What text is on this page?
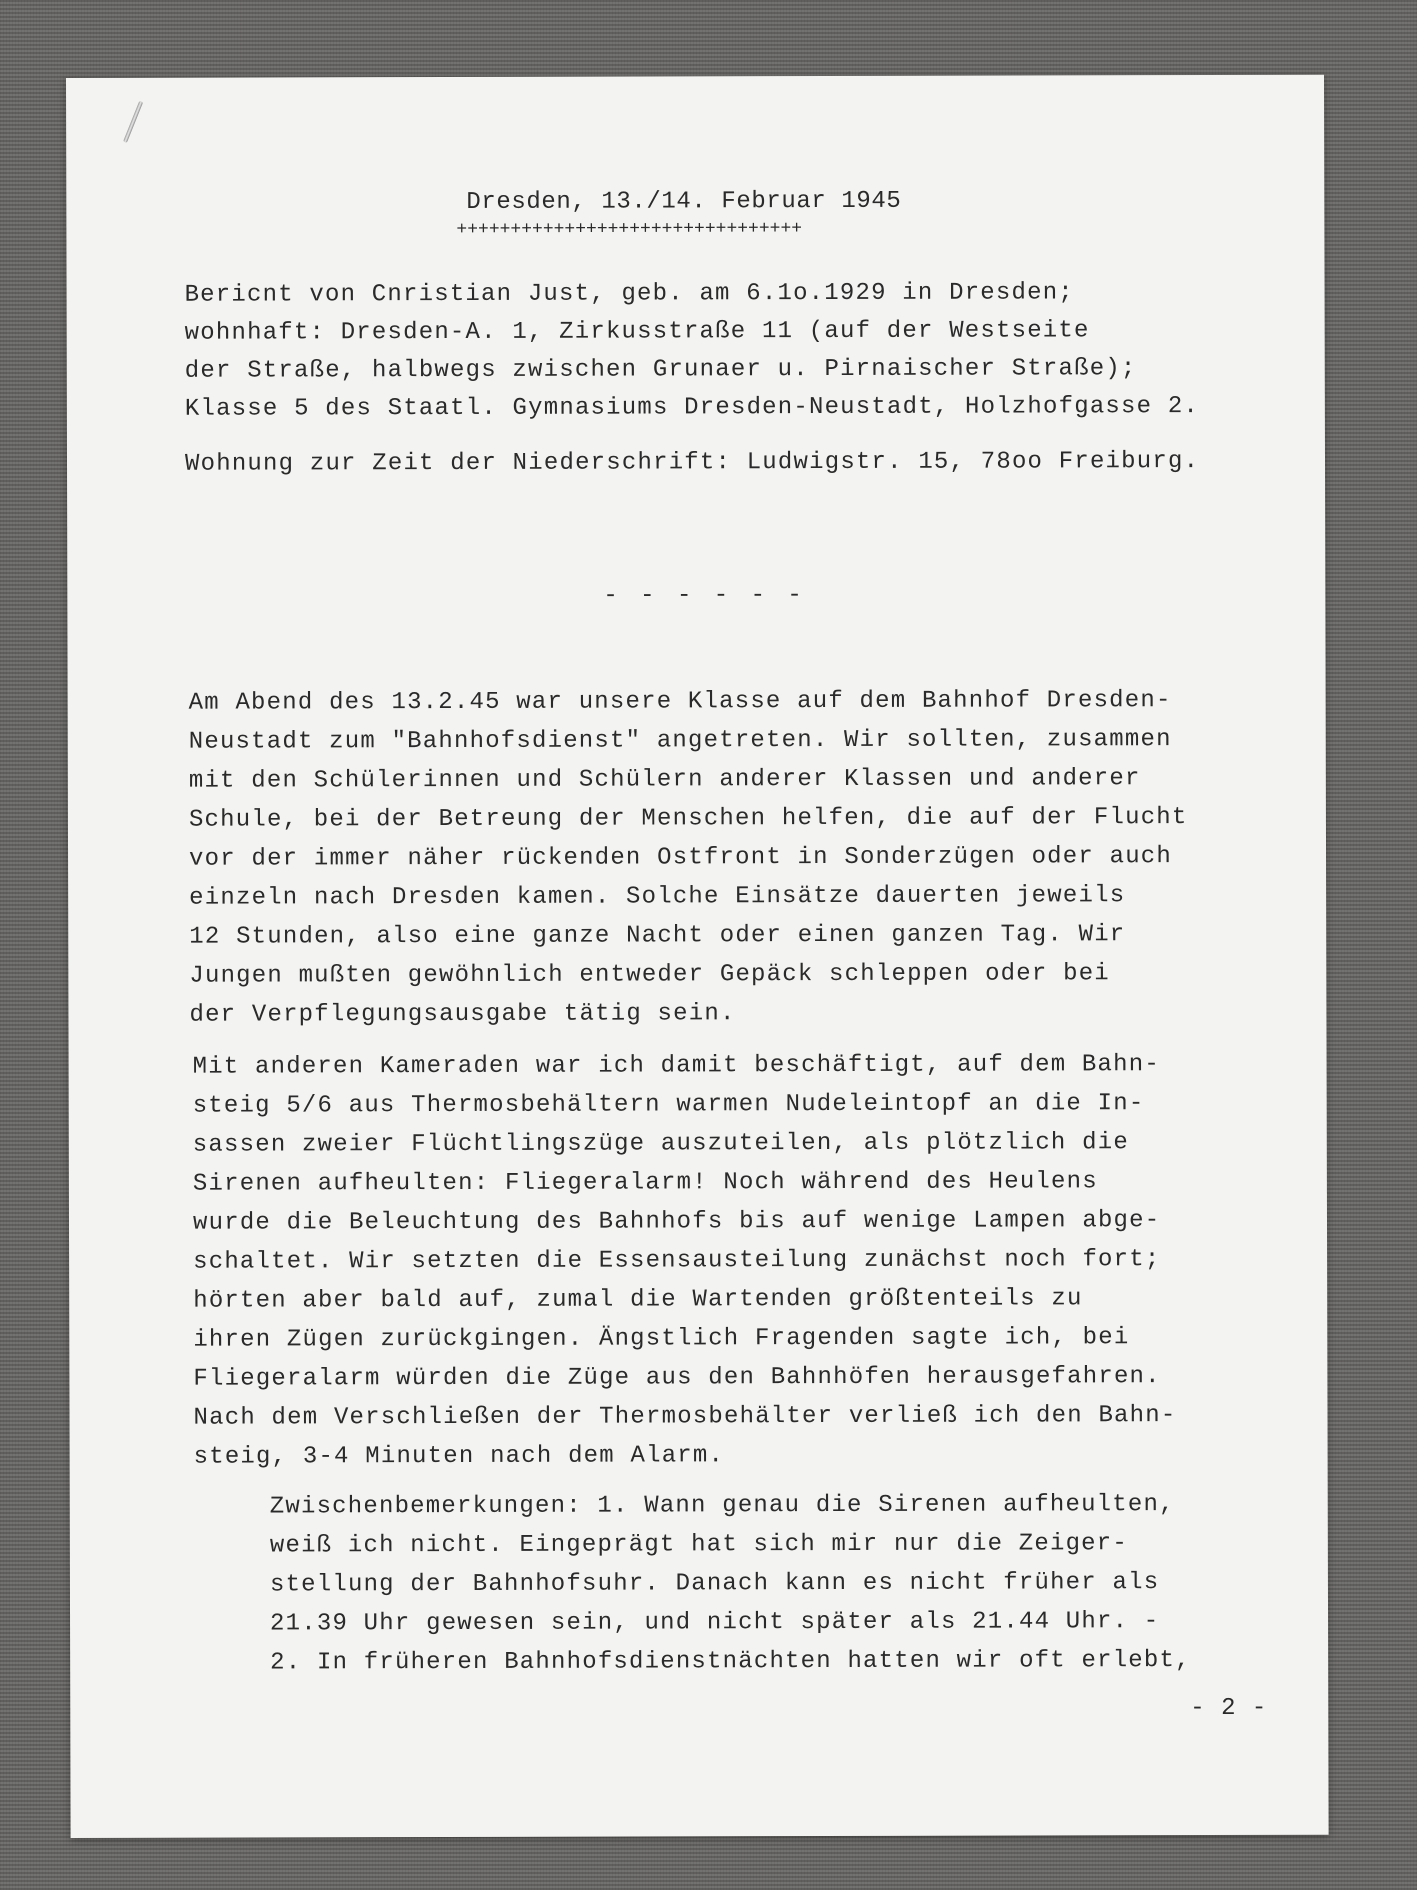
Dresden, 13./14. Februar 1945

++++++++++++++++++++++++++++++++

Bericnt von Cnristian Just, geb. am 6.1o.1929 in Dresden;

wohnhaft: Dresden-A. 1, Zirkusstraße 11 (auf der Westseite

der Straße, halbwegs zwischen Grunaer u. Pirnaischer Straße);

Klasse 5 des Staatl. Gymnasiums Dresden-Neustadt, Holzhofgasse 2.

Wohnung zur Zeit der Niederschrift: Ludwigstr. 15, 78oo Freiburg.

- - - - - -

Am Abend des 13.2.45 war unsere Klasse auf dem Bahnhof Dresden-

Neustadt zum "Bahnhofsdienst" angetreten. Wir sollten, zusammen

mit den Schülerinnen und Schülern anderer Klassen und anderer

Schule, bei der Betreung der Menschen helfen, die auf der Flucht

vor der immer näher rückenden Ostfront in Sonderzügen oder auch

einzeln nach Dresden kamen. Solche Einsätze dauerten jeweils

12 Stunden, also eine ganze Nacht oder einen ganzen Tag. Wir

Jungen mußten gewöhnlich entweder Gepäck schleppen oder bei

der Verpflegungsausgabe tätig sein.

Mit anderen Kameraden war ich damit beschäftigt, auf dem Bahn-

steig 5/6 aus Thermosbehältern warmen Nudeleintopf an die In-

sassen zweier Flüchtlingszüge auszuteilen, als plötzlich die

Sirenen aufheulten: Fliegeralarm! Noch während des Heulens

wurde die Beleuchtung des Bahnhofs bis auf wenige Lampen abge-

schaltet. Wir setzten die Essensausteilung zunächst noch fort;

hörten aber bald auf, zumal die Wartenden größtenteils zu

ihren Zügen zurückgingen. Ängstlich Fragenden sagte ich, bei

Fliegeralarm würden die Züge aus den Bahnhöfen herausgefahren.

Nach dem Verschließen der Thermosbehälter verließ ich den Bahn-

steig, 3-4 Minuten nach dem Alarm.

Zwischenbemerkungen: 1. Wann genau die Sirenen aufheulten,

weiß ich nicht. Eingeprägt hat sich mir nur die Zeiger-

stellung der Bahnhofsuhr. Danach kann es nicht früher als

21.39 Uhr gewesen sein, und nicht später als 21.44 Uhr. -

2. In früheren Bahnhofsdienstnächten hatten wir oft erlebt,

- 2 -
